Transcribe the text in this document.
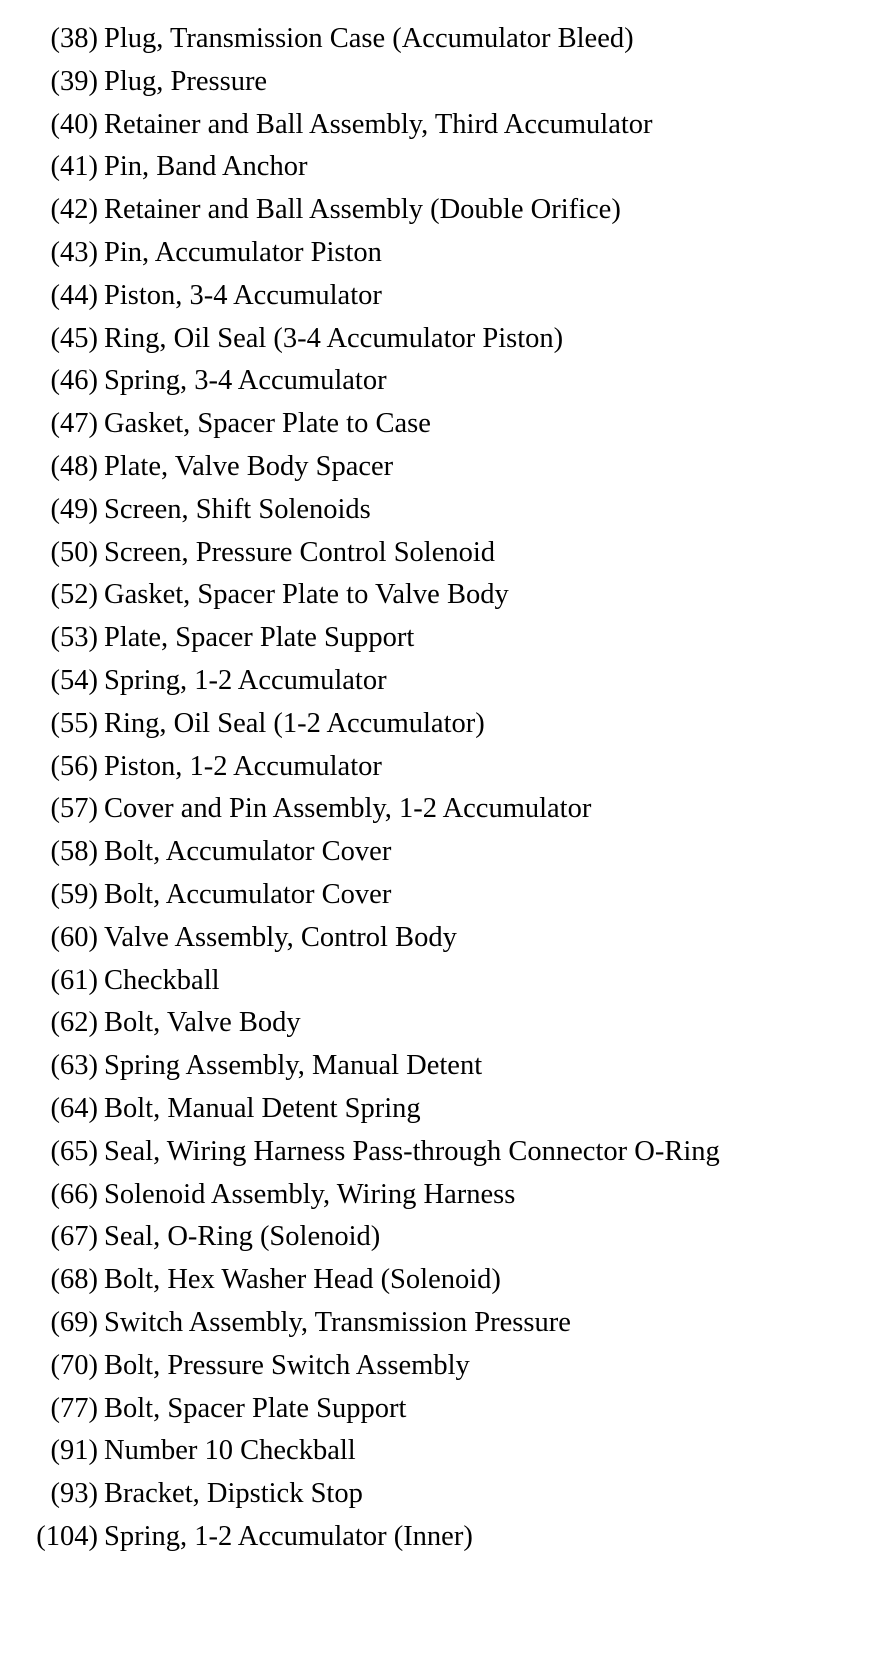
(38) Plug, Transmission Case (Accumulator Bleed)
(39) Plug, Pressure
(40) Retainer and Ball Assembly, Third Accumulator
(41) Pin, Band Anchor
(42) Retainer and Ball Assembly (Double Orifice)
(43) Pin, Accumulator Piston
(44) Piston, 3-4 Accumulator
(45) Ring, Oil Seal (3-4 Accumulator Piston)
(46) Spring, 3-4 Accumulator
(47) Gasket, Spacer Plate to Case
(48) Plate, Valve Body Spacer
(49) Screen, Shift Solenoids
(50) Screen, Pressure Control Solenoid
(52) Gasket, Spacer Plate to Valve Body
(53) Plate, Spacer Plate Support
(54) Spring, 1-2 Accumulator
(55) Ring, Oil Seal (1-2 Accumulator)
(56) Piston, 1-2 Accumulator
(57) Cover and Pin Assembly, 1-2 Accumulator
(58) Bolt, Accumulator Cover
(59) Bolt, Accumulator Cover
(60) Valve Assembly, Control Body
(61) Checkball
(62) Bolt, Valve Body
(63) Spring Assembly, Manual Detent
(64) Bolt, Manual Detent Spring
(65) Seal, Wiring Harness Pass-through Connector O-Ring
(66) Solenoid Assembly, Wiring Harness
(67) Seal, O-Ring (Solenoid)
(68) Bolt, Hex Washer Head (Solenoid)
(69) Switch Assembly, Transmission Pressure
(70) Bolt, Pressure Switch Assembly
(77) Bolt, Spacer Plate Support
(91) Number 10 Checkball
(93) Bracket, Dipstick Stop
(104) Spring, 1-2 Accumulator (Inner)
